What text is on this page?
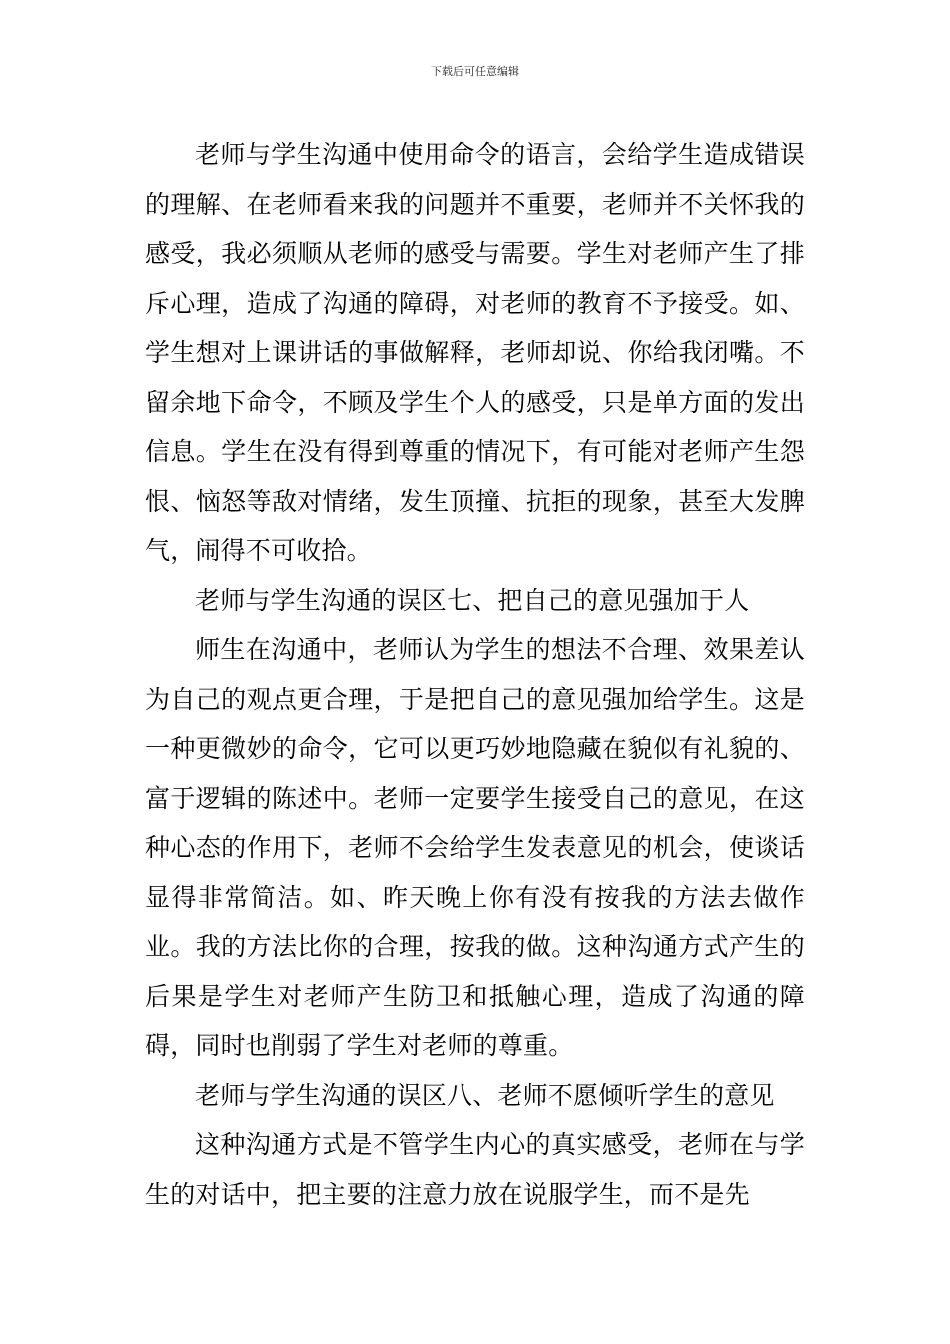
下载后可任意编辑

老师与学生沟通中使用命令的语言，会给学生造成错误的理解、在老师看来我的问题并不重要，老师并不关怀我的感受，我必须顺从老师的感受与需要。学生对老师产生了排斥心理，造成了沟通的障碍，对老师的教育不予接受。如、学生想对上课讲话的事做解释，老师却说、你给我闭嘴。不留余地下命令，不顾及学生个人的感受，只是单方面的发出信息。学生在没有得到尊重的情况下，有可能对老师产生怨恨、恼怒等敌对情绪，发生顶撞、抗拒的现象，甚至大发脾气，闹得不可收拾。

老师与学生沟通的误区七、把自己的意见强加于人

师生在沟通中，老师认为学生的想法不合理、效果差认为自己的观点更合理，于是把自己的意见强加给学生。这是一种更微妙的命令，它可以更巧妙地隐藏在貌似有礼貌的、富于逻辑的陈述中。老师一定要学生接受自己的意见，在这种心态的作用下，老师不会给学生发表意见的机会，使谈话显得非常简洁。如、昨天晚上你有没有按我的方法去做作业。我的方法比你的合理，按我的做。这种沟通方式产生的后果是学生对老师产生防卫和抵触心理，造成了沟通的障碍，同时也削弱了学生对老师的尊重。

老师与学生沟通的误区八、老师不愿倾听学生的意见

这种沟通方式是不管学生内心的真实感受，老师在与学生的对话中，把主要的注意力放在说服学生，而不是先
